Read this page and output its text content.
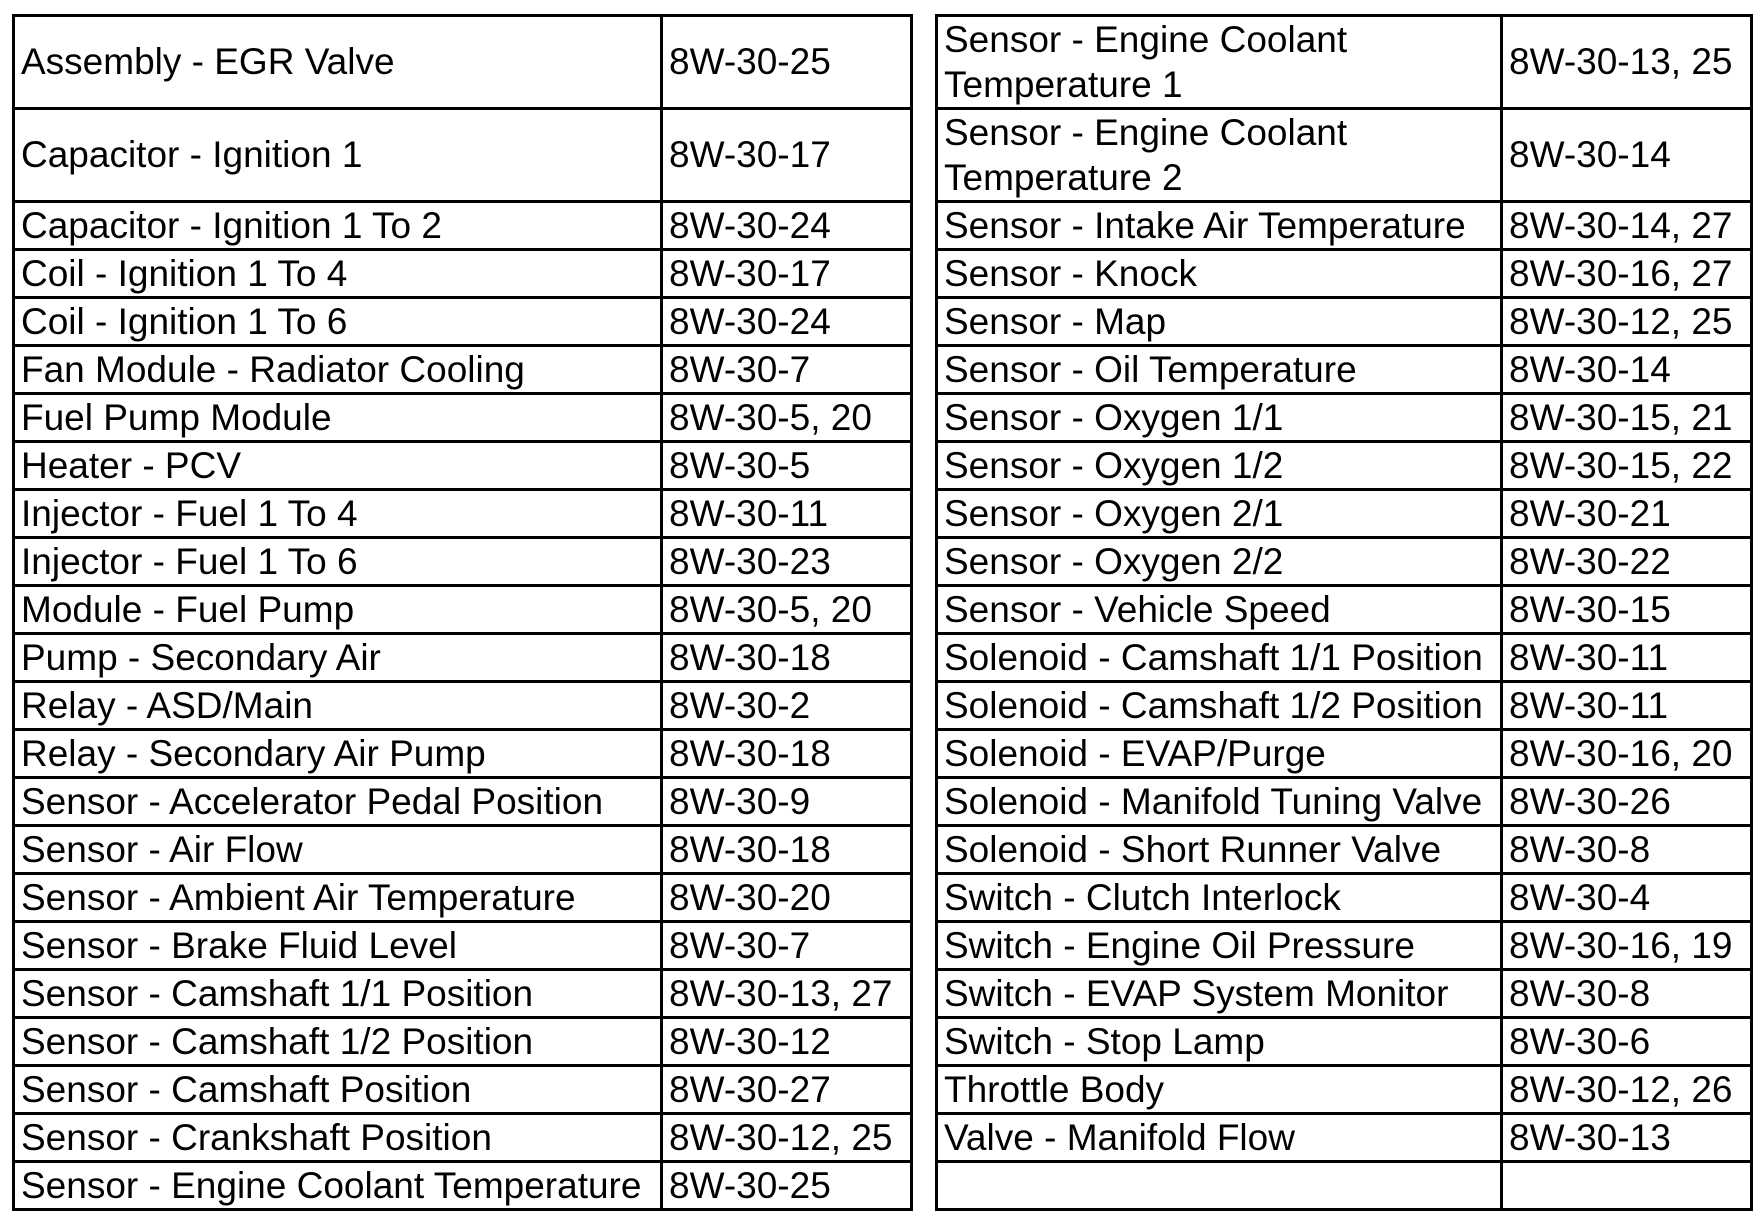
Assembly - EGR Valve	8W-30-25
Capacitor - Ignition 1	8W-30-17
Capacitor - Ignition 1 To 2	8W-30-24
Coil - Ignition 1 To 4	8W-30-17
Coil - Ignition 1 To 6	8W-30-24
Fan Module - Radiator Cooling	8W-30-7
Fuel Pump Module	8W-30-5, 20
Heater - PCV	8W-30-5
Injector - Fuel 1 To 4	8W-30-11
Injector - Fuel 1 To 6	8W-30-23
Module - Fuel Pump	8W-30-5, 20
Pump - Secondary Air	8W-30-18
Relay - ASD/Main	8W-30-2
Relay - Secondary Air Pump	8W-30-18
Sensor - Accelerator Pedal Position	8W-30-9
Sensor - Air Flow	8W-30-18
Sensor - Ambient Air Temperature	8W-30-20
Sensor - Brake Fluid Level	8W-30-7
Sensor - Camshaft 1/1 Position	8W-30-13, 27
Sensor - Camshaft 1/2 Position	8W-30-12
Sensor - Camshaft Position	8W-30-27
Sensor - Crankshaft Position	8W-30-12, 25
Sensor - Engine Coolant Temperature	8W-30-25
Sensor - Engine Coolant Temperature 1	8W-30-13, 25
Sensor - Engine Coolant Temperature 2	8W-30-14
Sensor - Intake Air Temperature	8W-30-14, 27
Sensor - Knock	8W-30-16, 27
Sensor - Map	8W-30-12, 25
Sensor - Oil Temperature	8W-30-14
Sensor - Oxygen 1/1	8W-30-15, 21
Sensor - Oxygen 1/2	8W-30-15, 22
Sensor - Oxygen 2/1	8W-30-21
Sensor - Oxygen 2/2	8W-30-22
Sensor - Vehicle Speed	8W-30-15
Solenoid - Camshaft 1/1 Position	8W-30-11
Solenoid - Camshaft 1/2 Position	8W-30-11
Solenoid - EVAP/Purge	8W-30-16, 20
Solenoid - Manifold Tuning Valve	8W-30-26
Solenoid - Short Runner Valve	8W-30-8
Switch - Clutch Interlock	8W-30-4
Switch - Engine Oil Pressure	8W-30-16, 19
Switch - EVAP System Monitor	8W-30-8
Switch - Stop Lamp	8W-30-6
Throttle Body	8W-30-12, 26
Valve - Manifold Flow	8W-30-13
